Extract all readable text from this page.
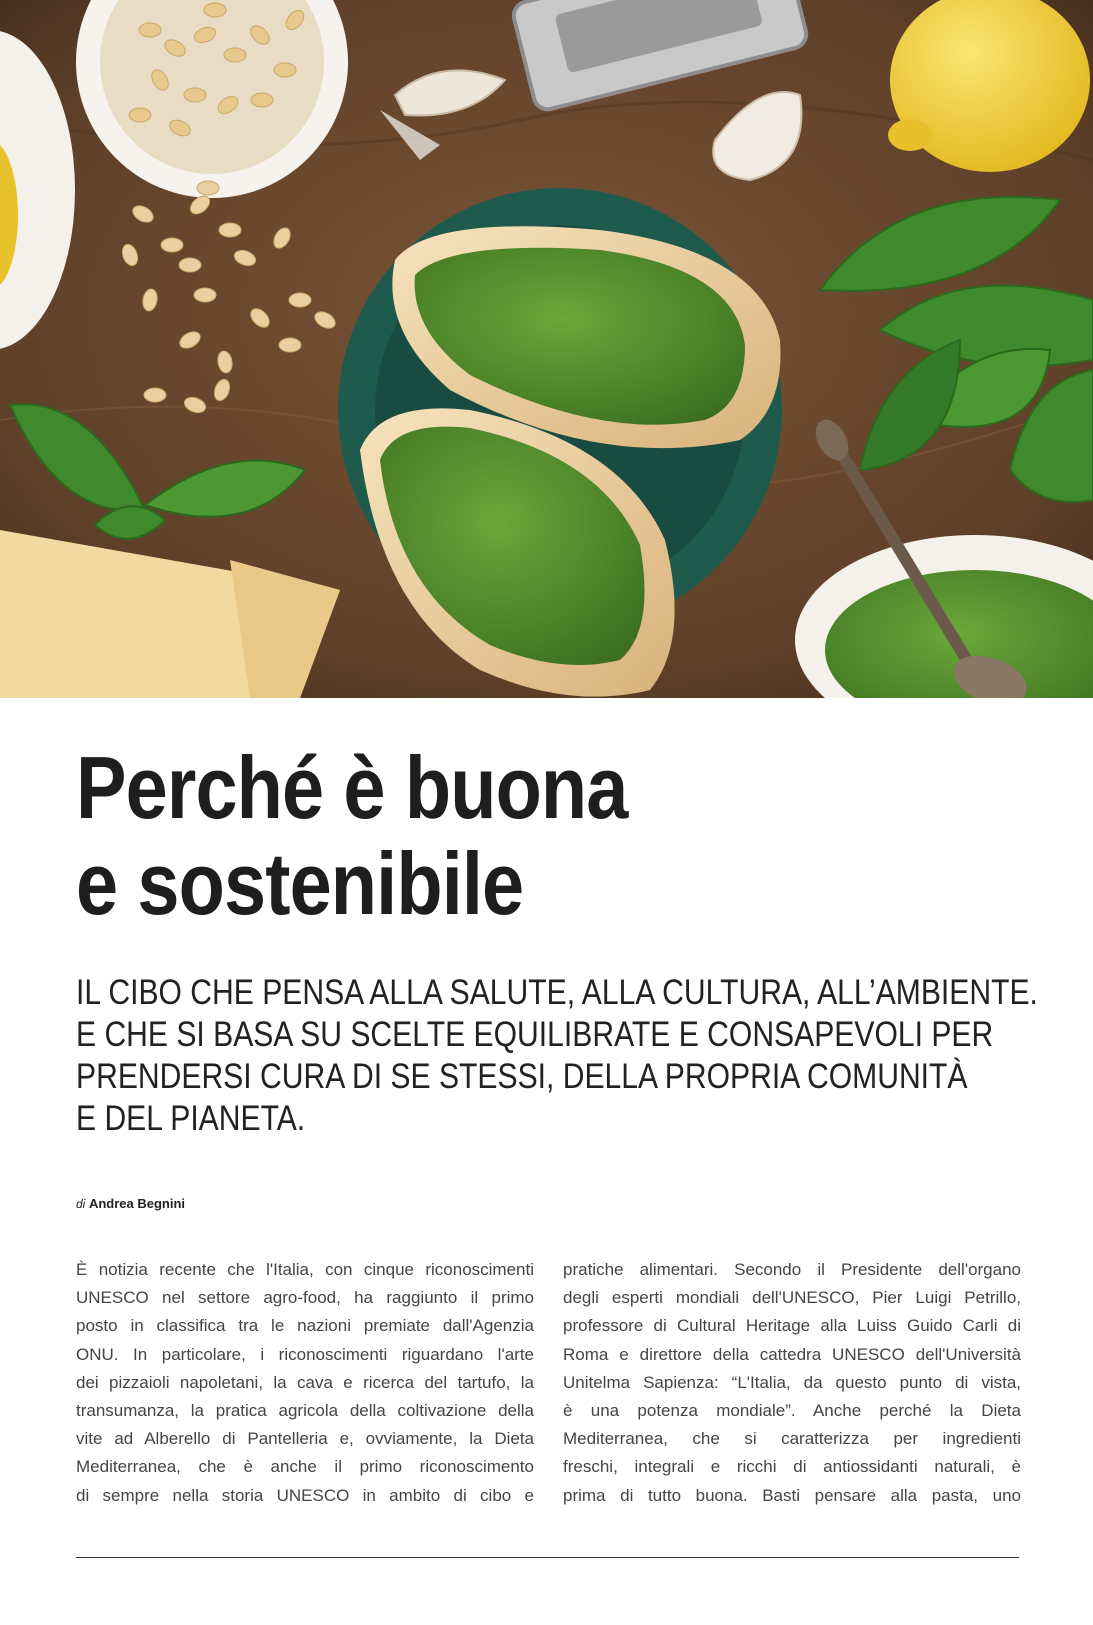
Perché è buona
e sostenibile
IL CIBO CHE PENSA ALLA SALUTE, ALLA CULTURA, ALL’AMBIENTE.
E CHE SI BASA SU SCELTE EQUILIBRATE E CONSAPEVOLI PER
PRENDERSI CURA DI SE STESSI, DELLA PROPRIA COMUNITÀ
E DEL PIANETA.
di Andrea Begnini
È notizia recente che l'Italia, con cinque riconoscimenti
UNESCO nel settore agro-food, ha raggiunto il primo
posto in classifica tra le nazioni premiate dall'Agenzia
ONU. In particolare, i riconoscimenti riguardano l'arte
dei pizzaioli napoletani, la cava e ricerca del tartufo, la
transumanza, la pratica agricola della coltivazione della
vite ad Alberello di Pantelleria e, ovviamente, la Dieta
Mediterranea, che è anche il primo riconoscimento
di sempre nella storia UNESCO in ambito di cibo e
pratiche alimentari. Secondo il Presidente dell'organo
degli esperti mondiali dell'UNESCO, Pier Luigi Petrillo,
professore di Cultural Heritage alla Luiss Guido Carli di
Roma e direttore della cattedra UNESCO dell'Università
Unitelma Sapienza: “L'Italia, da questo punto di vista,
è una potenza mondiale”. Anche perché la Dieta
Mediterranea, che si caratterizza per ingredienti
freschi, integrali e ricchi di antiossidanti naturali, è
prima di tutto buona. Basti pensare alla pasta, uno
